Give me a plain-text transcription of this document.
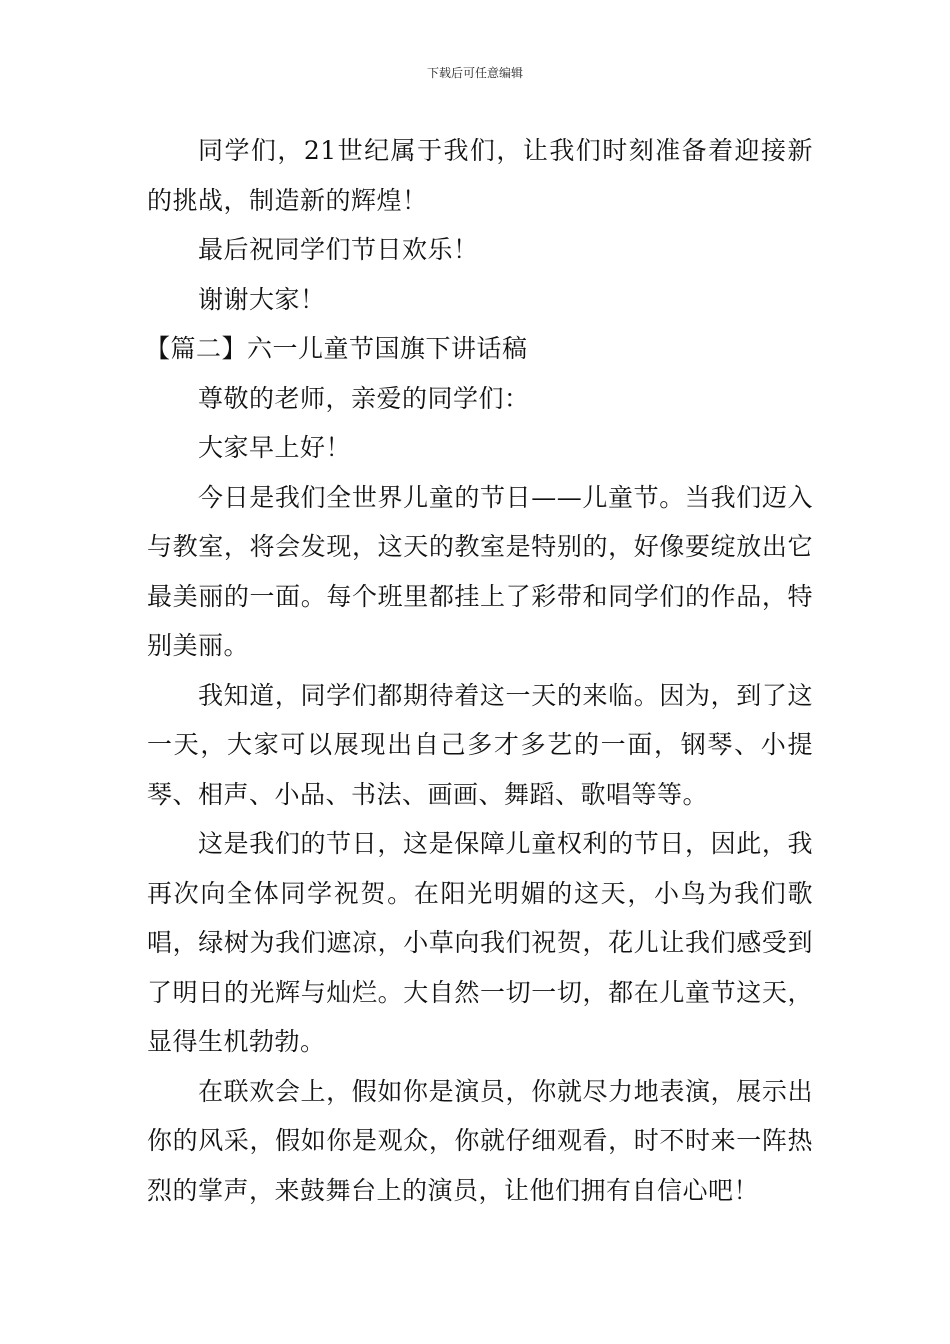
下载后可任意编辑

同学们，21世纪属于我们，让我们时刻准备着迎接新的挑战，制造新的辉煌！

最后祝同学们节日欢乐！

谢谢大家！

【篇二】六一儿童节国旗下讲话稿

尊敬的老师，亲爱的同学们：

大家早上好！

今日是我们全世界儿童的节日——儿童节。当我们迈入与教室，将会发现，这天的教室是特别的，好像要绽放出它最美丽的一面。每个班里都挂上了彩带和同学们的作品，特别美丽。

我知道，同学们都期待着这一天的来临。因为，到了这一天，大家可以展现出自己多才多艺的一面，钢琴、小提琴、相声、小品、书法、画画、舞蹈、歌唱等等。

这是我们的节日，这是保障儿童权利的节日，因此，我再次向全体同学祝贺。在阳光明媚的这天，小鸟为我们歌唱，绿树为我们遮凉，小草向我们祝贺，花儿让我们感受到了明日的光辉与灿烂。大自然一切一切，都在儿童节这天，显得生机勃勃。

在联欢会上，假如你是演员，你就尽力地表演，展示出你的风采，假如你是观众，你就仔细观看，时不时来一阵热烈的掌声，来鼓舞台上的演员，让他们拥有自信心吧！
